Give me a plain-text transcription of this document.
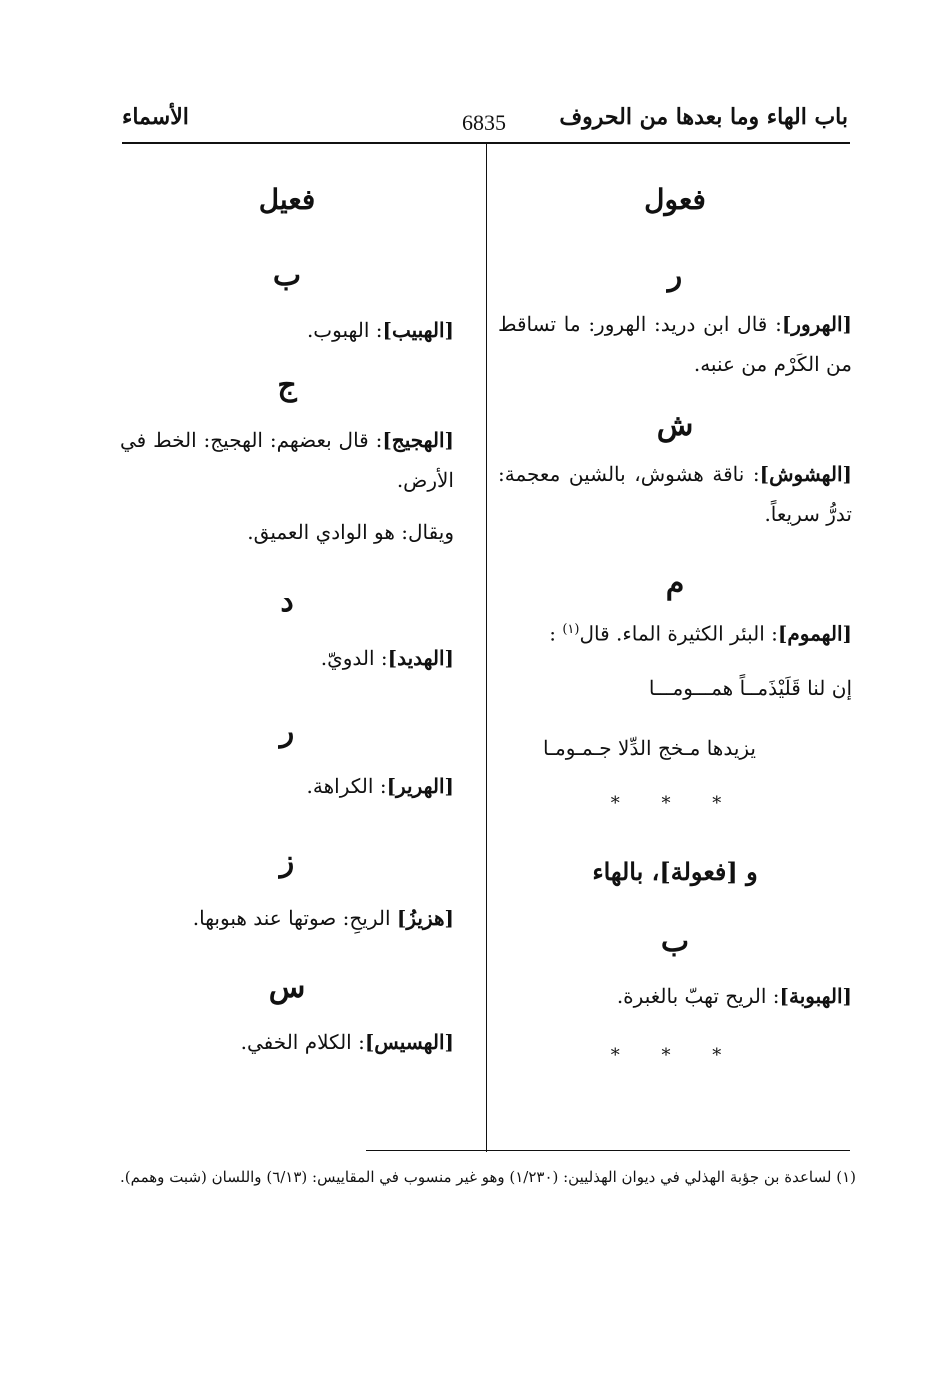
باب الهاء وما بعدها من الحروف
6835
الأسماء
فعول
ر
[الهرور]: قال ابن دريد: الهرور: ما تساقط من الكَرْم من عنبه.
ش
[الهشوش]: ناقة هشوش، بالشين معجمة: تدرُّ سريعاً.
م
[الهموم]: البئر الكثيرة الماء. قال$^{(١)}$ :
إن لنا قَلَيْذَمــاً همـــومـــا
يزيدها مـخج الدِّلا جـمـومـا
* * *
و [فعولة]، بالهاء
ب
[الهبوبة]: الريح تهبّ بالغبرة.
* * *
فعيل
ب
[الهبيب]: الهبوب.
ج
[الهجيج]: قال بعضهم: الهجيج: الخط في الأرض.
ويقال: هو الوادي العميق.
د
[الهديد]: الدويّ.
ر
[الهرير]: الكراهة.
ز
[هزيزُ] الريحِ: صوتها عند هبوبها.
س
[الهسيس]: الكلام الخفي.
(١) لساعدة بن جؤبة الهذلي في ديوان الهذليين: (١/٢٣٠) وهو غير منسوب في المقاييس: (٦/١٣) واللسان (شبت وهمم).
